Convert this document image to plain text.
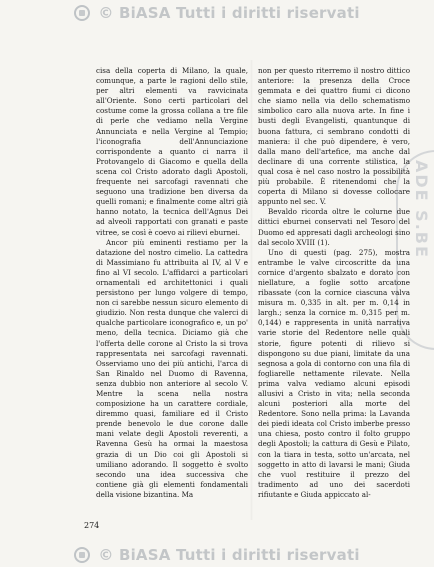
© BiASA Tutti i diritti riservati
ADE S.BE

cisa della coperta di Milano, la quale, comunque, a parte le ragioni dello stile, per altri elementi va ravvicinata all'Oriente. Sono certi particolari del costume come la grossa collana a tre file di perle che vediamo nella Vergine Annunciata e nella Vergine al Tempio; l'iconografia dell'Annunciazione corrispondente a quanto ci narra il Protovangelo di Giacomo e quella della scena col Cristo adorato dagli Apostoli, frequente nei sarcofagi ravennati che seguono una tradizione ben diversa da quelli romani; e finalmente come altri già hanno notato, la tecnica dell'Agnus Dei ad alveoli rapportati con granati e paste vitree, se così è coevo ai rilievi eburnei.

Ancor più eminenti restiamo per la datazione del nostro cimelio. La cattedra di Massimiano fu attribuita al IV, al V e fino al VI secolo. L'affidarci a particolari ornamentali ed architettonici i quali persistono per lungo volgere di tempo, non ci sarebbe nessun sicuro elemento di giudizio. Non resta dunque che valerci di qualche particolare iconografico e, un po' meno, della tecnica. Diciamo già che l'offerta delle corone al Cristo la si trova rappresentata nei sarcofagi ravennati. Osserviamo uno dei più antichi, l'arca di San Rinaldo nel Duomo di Ravenna, senza dubbio non anteriore al secolo V. Mentre la scena nella nostra composizione ha un carattere cordiale, diremmo quasi, familiare ed il Cristo prende benevolo le due corone dalle mani velate degli Apostoli reverenti, a Ravenna Gesù ha ormai la maestosa grazia di un Dio coi gli Apostoli si umiliano adorando. Il soggetto è svolto secondo una idea successiva che contiene già gli elementi fondamentali della visione bizantina. Ma

non per questo riterremo il nostro dittico anteriore: la presenza della Croce gemmata e dei quattro fiumi ci dicono che siamo nella via dello schematismo simbolico caro alla nuova arte. In fine i busti degli Evangelisti, quantunque di buona fattura, ci sembrano condotti di maniera: il che può dipendere, è vero, dalla mano dell'artefice, ma anche dal declinare di una corrente stilistica, la qual cosa è nel caso nostro la possibilità più probabile. È ritenendomi che la coperta di Milano si dovesse collocare appunto nel sec. V.

Bevaldo ricorda oltre le colurne due dittici eburnei conservati nel Tesoro del Duomo ed appresati dagli archeologi sino dal secolo XVIII (1).

Uno di questi (pag. 275), mostra entrambe le valve circoscritte da una cornice d'argento sbalzato e dorato con niellature, a foglie sotto arcatone ribassate (con la cornice ciascuna valva misura m. 0,335 in alt. per m. 0,14 in largh.; senza la cornice m. 0,315 per m. 0,144) e rappresenta in unità narrativa varie storie del Redentore nelle quali storie, figure potenti di rilievo si dispongono su due piani, limitate da una segnosa a gola di contorno con una fila di fogliarelle nettamente rilevate. Nella prima valva vediamo alcuni episodi allusivi a Cristo in vita; nella seconda alcuni posteriori alla morte del Redentore. Sono nella prima: la Lavanda dei piedi ideata col Cristo imberbe presso una chiesa, posto contro il folto gruppo degli Apostoli; la cattura di Gesù e Pilato, con la tiara in testa, sotto un'arcata, nel soggetto in atto di lavarsi le mani; Giuda che vuol restituire il prezzo del tradimento ad uno dei sacerdoti rifiutante e Giuda appiccato al-

274
© BiASA Tutti i diritti riservati
